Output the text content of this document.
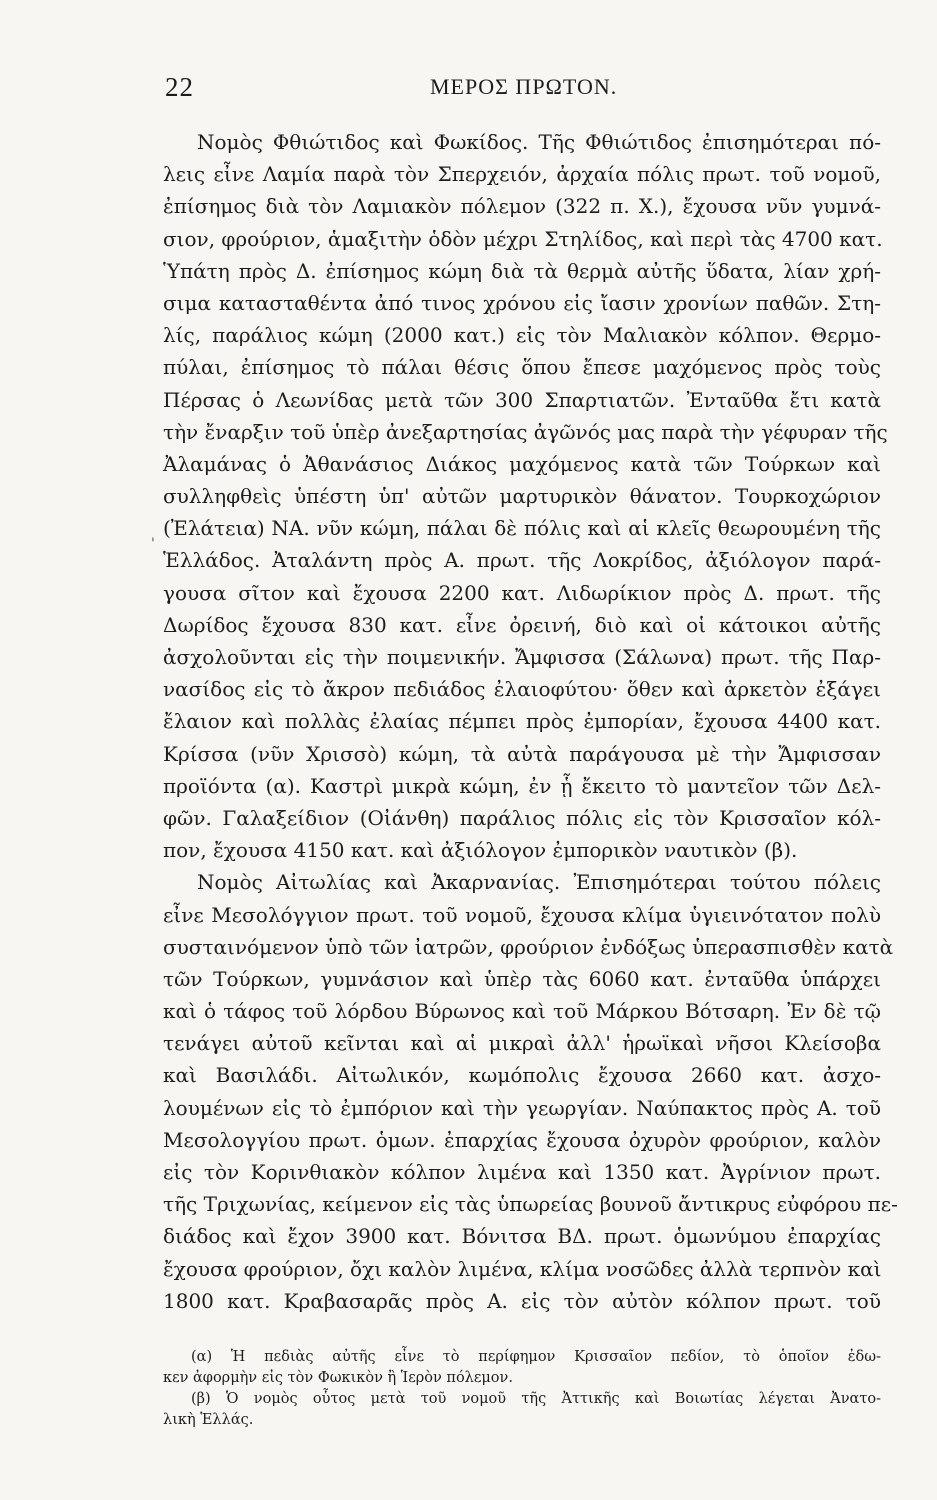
22	ΜΕΡΟΣ ΠΡΩΤΟΝ.
'
Νομὸς Φθιώτιδος καὶ Φωκίδος. Τῆς Φθιώτιδος ἐπισημότεραι πό-
λεις εἶνε Λαμία παρὰ τὸν Σπερχειόν, ἀρχαία πόλις πρωτ. τοῦ νομοῦ,
ἐπίσημος διὰ τὸν Λαμιακὸν πόλεμον (322 π. Χ.), ἔχουσα νῦν γυμνά-
σιον, φρούριον, ἁμαξιτὴν ὁδὸν μέχρι Στηλίδος, καὶ περὶ τὰς 4700 κατ.
Ὑπάτη πρὸς Δ. ἐπίσημος κώμη διὰ τὰ θερμὰ αὐτῆς ὕδατα, λίαν χρή-
σιμα κατασταθέντα ἀπό τινος χρόνου εἰς ἴασιν χρονίων παθῶν. Στη-
λίς, παράλιος κώμη (2000 κατ.) εἰς τὸν Μαλιακὸν κόλπον. Θερμο-
πύλαι, ἐπίσημος τὸ πάλαι θέσις ὅπου ἔπεσε μαχόμενος πρὸς τοὺς
Πέρσας ὁ Λεωνίδας μετὰ τῶν 300 Σπαρτιατῶν. Ἐνταῦθα ἔτι κατὰ
τὴν ἔναρξιν τοῦ ὑπὲρ ἀνεξαρτησίας ἀγῶνός μας παρὰ τὴν γέφυραν τῆς
Ἀλαμάνας ὁ Ἀθανάσιος Διάκος μαχόμενος κατὰ τῶν Τούρκων καὶ
συλληφθεὶς ὑπέστη ὑπ' αὐτῶν μαρτυρικὸν θάνατον. Τουρκοχώριον
(Ἐλάτεια) ΝΑ. νῦν κώμη, πάλαι δὲ πόλις καὶ αἱ κλεῖς θεωρουμένη τῆς
Ἑλλάδος. Ἀταλάντη πρὸς Α. πρωτ. τῆς Λοκρίδος, ἀξιόλογον παρά-
γουσα σῖτον καὶ ἔχουσα 2200 κατ. Λιδωρίκιον πρὸς Δ. πρωτ. τῆς
Δωρίδος ἔχουσα 830 κατ. εἶνε ὀρεινή, διὸ καὶ οἱ κάτοικοι αὐτῆς
ἀσχολοῦνται εἰς τὴν ποιμενικήν. Ἄμφισσα (Σάλωνα) πρωτ. τῆς Παρ-
νασίδος εἰς τὸ ἄκρον πεδιάδος ἐλαιοφύτου· ὅθεν καὶ ἀρκετὸν ἐξάγει
ἔλαιον καὶ πολλὰς ἐλαίας πέμπει πρὸς ἐμπορίαν, ἔχουσα 4400 κατ.
Κρίσσα (νῦν Χρισσὸ) κώμη, τὰ αὐτὰ παράγουσα μὲ τὴν Ἄμφισσαν
προϊόντα (α). Καστρὶ μικρὰ κώμη, ἐν ᾗ ἔκειτο τὸ μαντεῖον τῶν Δελ-
φῶν. Γαλαξείδιον (Οἰάνθη) παράλιος πόλις εἰς τὸν Κρισσαῖον κόλ-
πον, ἔχουσα 4150 κατ. καὶ ἀξιόλογον ἐμπορικὸν ναυτικὸν (β).
Νομὸς Αἰτωλίας καὶ Ἀκαρνανίας. Ἐπισημότεραι τούτου πόλεις
εἶνε Μεσολόγγιον πρωτ. τοῦ νομοῦ, ἔχουσα κλίμα ὑγιεινότατον πολὺ
συσταινόμενον ὑπὸ τῶν ἰατρῶν, φρούριον ἐνδόξως ὑπερασπισθὲν κατὰ
τῶν Τούρκων, γυμνάσιον καὶ ὑπὲρ τὰς 6060 κατ. ἐνταῦθα ὑπάρχει
καὶ ὁ τάφος τοῦ λόρδου Βύρωνος καὶ τοῦ Μάρκου Βότσαρη. Ἐν δὲ τῷ
τενάγει αὐτοῦ κεῖνται καὶ αἱ μικραὶ ἀλλ' ἡρωϊκαὶ νῆσοι Κλείσοβα
καὶ Βασιλάδι. Αἰτωλικόν, κωμόπολις ἔχουσα 2660 κατ. ἀσχο-
λουμένων εἰς τὸ ἐμπόριον καὶ τὴν γεωργίαν. Ναύπακτος πρὸς Α. τοῦ
Μεσολογγίου πρωτ. ὁμων. ἐπαρχίας ἔχουσα ὀχυρὸν φρούριον, καλὸν
εἰς τὸν Κορινθιακὸν κόλπον λιμένα καὶ 1350 κατ. Ἀγρίνιον πρωτ.
τῆς Τριχωνίας, κείμενον εἰς τὰς ὑπωρείας βουνοῦ ἄντικρυς εὐφόρου πε-
διάδος καὶ ἔχον 3900 κατ. Βόνιτσα ΒΔ. πρωτ. ὁμωνύμου ἐπαρχίας
ἔχουσα φρούριον, ὄχι καλὸν λιμένα, κλίμα νοσῶδες ἀλλὰ τερπνὸν καὶ
1800 κατ. Κραβασαρᾶς πρὸς Α. εἰς τὸν αὐτὸν κόλπον πρωτ. τοῦ
(α) Ἡ πεδιὰς αὐτῆς εἶνε τὸ περίφημον Κρισσαῖον πεδίον, τὸ ὁποῖον ἐδω-
κεν ἀφορμὴν εἰς τὸν Φωκικὸν ἢ Ἱερὸν πόλεμον.
(β) Ὁ νομὸς οὗτος μετὰ τοῦ νομοῦ τῆς Ἀττικῆς καὶ Βοιωτίας λέγεται Ἀνατο-
λικὴ Ἑλλάς.
